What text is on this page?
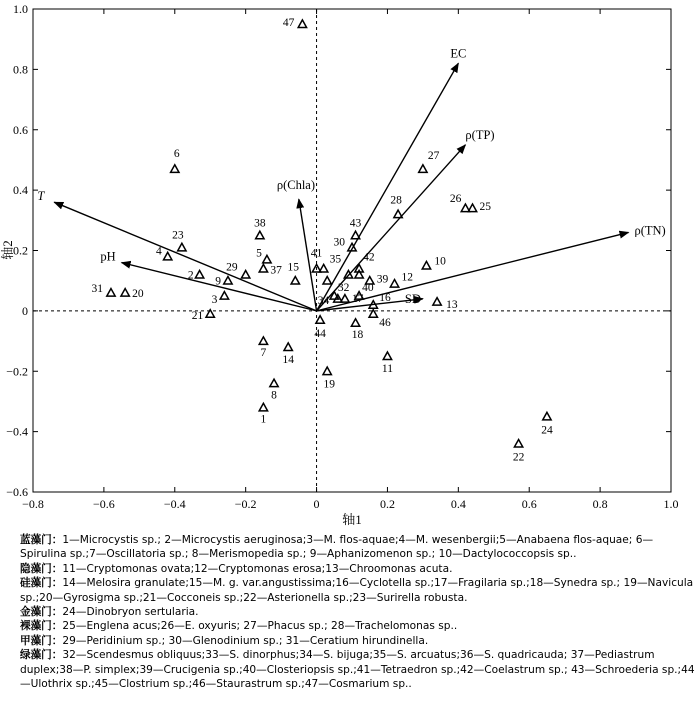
−0.8	−0.6	−0.4	−0.2	0	0.2	0.4	0.6	0.8	1.0
−0.6
−0.4
−0.2
0
0.2
0.4
0.6
0.8
1.0
EC
ρ(TP)
ρ(TN)
SD
ρ(Chla)
T
pH
1
2
3
4	5
6
7
8
9
10
11
12
13
14
15
16
17
18
19
20
21
22
23
24
25
26
27
28
29
30
31	32
34
35
37
38
39
40
41	42
43
44
46
47
轴1
轴2
蓝藻门：1—Microcystis sp.; 2—Microcystis aeruginosa;3—M. flos-aquae;4—M. wesenbergii;5—Anabaena flos-aquae; 6—Spirulina sp.;7—Oscillatoria sp.; 8—Merismopedia sp.; 9—Aphanizomenon sp.; 10—Dactylococcopsis sp..
隐藻门：11—Cryptomonas ovata;12—Cryptomonas erosa;13—Chroomonas acuta.
硅藻门：14—Melosira granulate;15—M. g. var.angustissima;16—Cyclotella sp.;17—Fragilaria sp.;18—Synedra sp.; 19—Navicula sp.;20—Gyrosigma sp.;21—Cocconeis sp.;22—Asterionella sp.;23—Surirella robusta.
金藻门：24—Dinobryon sertularia.
裸藻门：25—Englena acus;26—E. oxyuris; 27—Phacus sp.; 28—Trachelomonas sp..
甲藻门：29—Peridinium sp.; 30—Glenodinium sp.; 31—Ceratium hirundinella.
绿藻门：32—Scendesmus obliquus;33—S. dinorphus;34—S. bijuga;35—S. arcuatus;36—S. quadricauda; 37—Pediastrum duplex;38—P. simplex;39—Crucigenia sp.;40—Closteriopsis sp.;41—Tetraedron sp.;42—Coelastrum sp.; 43—Schroederia sp.;44—Ulothrix sp.;45—Clostrium sp.;46—Staurastrum sp.;47—Cosmarium sp..
